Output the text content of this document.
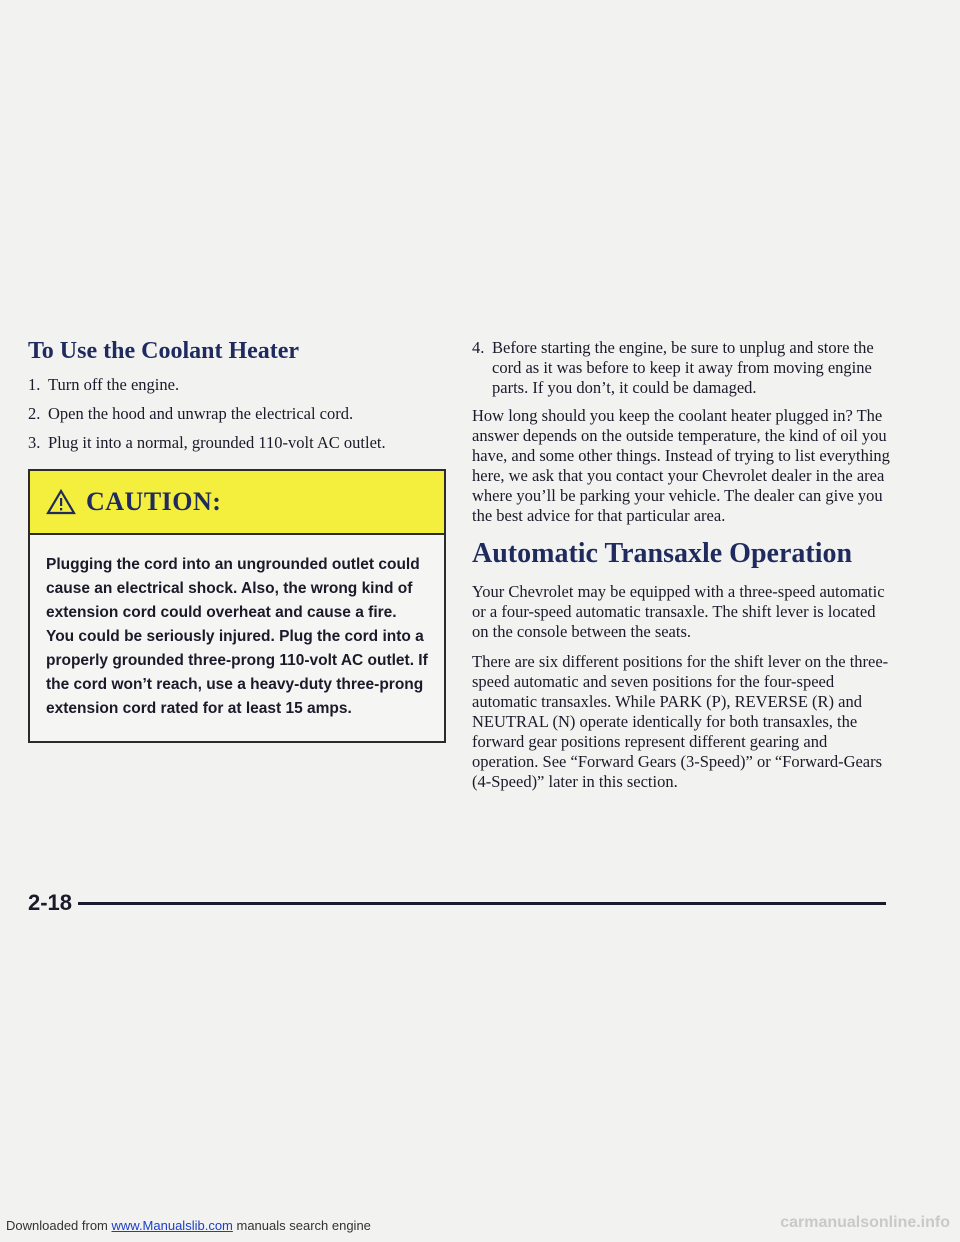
To Use the Coolant Heater
1. Turn off the engine.
2. Open the hood and unwrap the electrical cord.
3. Plug it into a normal, grounded 110-volt AC outlet.
CAUTION:
Plugging the cord into an ungrounded outlet could cause an electrical shock. Also, the wrong kind of extension cord could overheat and cause a fire. You could be seriously injured. Plug the cord into a properly grounded three-prong 110-volt AC outlet. If the cord won’t reach, use a heavy-duty three-prong extension cord rated for at least 15 amps.
4. Before starting the engine, be sure to unplug and store the cord as it was before to keep it away from moving engine parts. If you don’t, it could be damaged.

How long should you keep the coolant heater plugged in? The answer depends on the outside temperature, the kind of oil you have, and some other things. Instead of trying to list everything here, we ask that you contact your Chevrolet dealer in the area where you’ll be parking your vehicle. The dealer can give you the best advice for that particular area.

Automatic Transaxle Operation

Your Chevrolet may be equipped with a three-speed automatic or a four-speed automatic transaxle. The shift lever is located on the console between the seats.

There are six different positions for the shift lever on the three-speed automatic and seven positions for the four-speed automatic transaxles. While PARK (P), REVERSE (R) and NEUTRAL (N) operate identically for both transaxles, the forward gear positions represent different gearing and operation. See “Forward Gears (3-Speed)” or “Forward-Gears (4-Speed)” later in this section.

2-18
Downloaded from www.Manualslib.com manuals search engine	carmanualsonline.info
